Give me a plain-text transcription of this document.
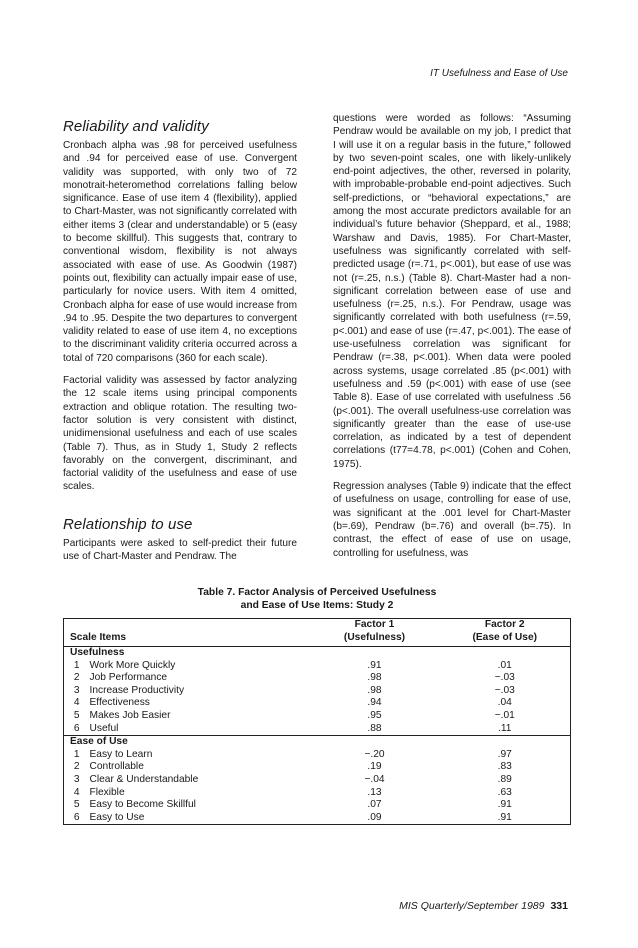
IT Usefulness and Ease of Use
Reliability and validity

Cronbach alpha was .98 for perceived usefulness and .94 for perceived ease of use. Convergent validity was supported, with only two of 72 monotrait-heteromethod correlations falling below significance. Ease of use item 4 (flexibility), applied to Chart-Master, was not significantly correlated with either items 3 (clear and understandable) or 5 (easy to become skillful). This suggests that, contrary to conventional wisdom, flexibility is not always associated with ease of use. As Goodwin (1987) points out, flexibility can actually impair ease of use, particularly for novice users. With item 4 omitted, Cronbach alpha for ease of use would increase from .94 to .95. Despite the two departures to convergent validity related to ease of use item 4, no exceptions to the discriminant validity criteria occurred across a total of 720 comparisons (360 for each scale).

Factorial validity was assessed by factor analyzing the 12 scale items using principal components extraction and oblique rotation. The resulting two-factor solution is very consistent with distinct, unidimensional usefulness and each of use scales (Table 7). Thus, as in Study 1, Study 2 reflects favorably on the convergent, discriminant, and factorial validity of the usefulness and ease of use scales.

Relationship to use

Participants were asked to self-predict their future use of Chart-Master and Pendraw. The

questions were worded as follows: “Assuming Pendraw would be available on my job, I predict that I will use it on a regular basis in the future,” followed by two seven-point scales, one with likely-unlikely end-point adjectives, the other, reversed in polarity, with improbable-probable end-point adjectives. Such self-predictions, or “behavioral expectations,” are among the most accurate predictors available for an individual’s future behavior (Sheppard, et al., 1988; Warshaw and Davis, 1985). For Chart-Master, usefulness was significantly correlated with self-predicted usage (r=.71, p<.001), but ease of use was not (r=.25, n.s.) (Table 8). Chart-Master had a non-significant correlation between ease of use and usefulness (r=.25, n.s.). For Pendraw, usage was significantly correlated with both usefulness (r=.59, p<.001) and ease of use (r=.47, p<.001). The ease of use-usefulness correlation was significant for Pendraw (r=.38, p<.001). When data were pooled across systems, usage correlated .85 (p<.001) with usefulness and .59 (p<.001) with ease of use (see Table 8). Ease of use correlated with usefulness .56 (p<.001). The overall usefulness-use correlation was significantly greater than the ease of use-use correlation, as indicated by a test of dependent correlations (t77=4.78, p<.001) (Cohen and Cohen, 1975).

Regression analyses (Table 9) indicate that the effect of usefulness on usage, controlling for ease of use, was significant at the .001 level for Chart-Master (b=.69), Pendraw (b=.76) and overall (b=.75). In contrast, the effect of ease of use on usage, controlling for usefulness, was

Table 7. Factor Analysis of Perceived Usefulness
and Ease of Use Items: Study 2
		Factor 1	Factor 2
Scale Items		(Usefulness)	(Ease of Use)
Usefulness			
1	Work More Quickly	.91	.01
2	Job Performance	.98	−.03
3	Increase Productivity	.98	−.03
4	Effectiveness	.94	.04
5	Makes Job Easier	.95	−.01
6	Useful	.88	.11
Ease of Use			
1	Easy to Learn	−.20	.97
2	Controllable	.19	.83
3	Clear & Understandable	−.04	.89
4	Flexible	.13	.63
5	Easy to Become Skillful	.07	.91
6	Easy to Use	.09	.91
MIS Quarterly/September 1989 331
